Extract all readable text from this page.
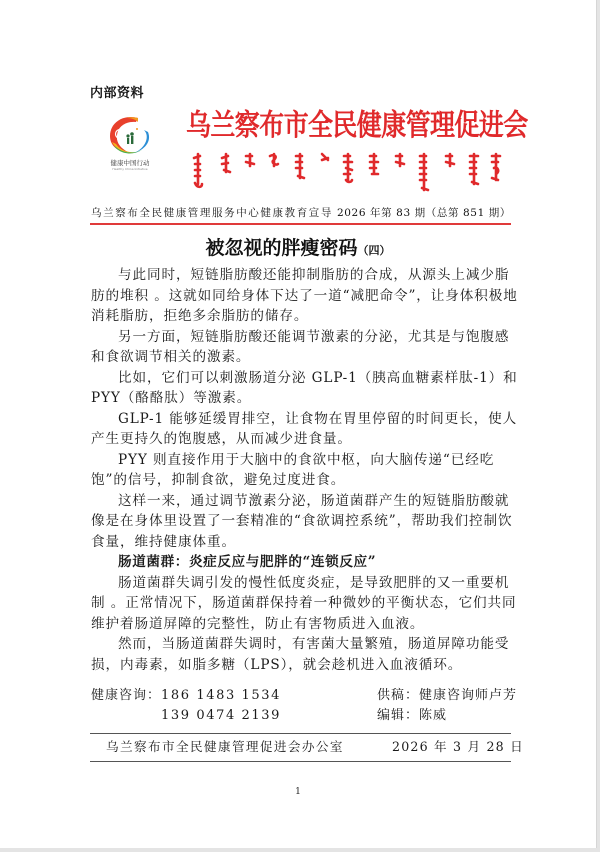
内部资料
健康中国行动
Healthy China Initiative
乌兰察布市全民健康管理促进会
乌兰察布全民健康管理服务中心健康教育宣导 2026 年第 83 期（总第 851 期）
被忽视的胖瘦密码（四）

与此同时，短链脂肪酸还能抑制脂肪的合成，从源头上减少脂肪的堆积 。这就如同给身体下达了一道“减肥命令”，让身体积极地消耗脂肪，拒绝多余脂肪的储存。

另一方面，短链脂肪酸还能调节激素的分泌，尤其是与饱腹感和食欲调节相关的激素。

比如，它们可以刺激肠道分泌 GLP-1（胰高血糖素样肽-1）和 PYY（酪酪肽）等激素。

GLP-1 能够延缓胃排空，让食物在胃里停留的时间更长，使人产生更持久的饱腹感，从而减少进食量。

PYY 则直接作用于大脑中的食欲中枢，向大脑传递“已经吃饱”的信号，抑制食欲，避免过度进食。

这样一来，通过调节激素分泌，肠道菌群产生的短链脂肪酸就像是在身体里设置了一套精准的“食欲调控系统”，帮助我们控制饮食量，维持健康体重。

肠道菌群：炎症反应与肥胖的“连锁反应”

肠道菌群失调引发的慢性低度炎症，是导致肥胖的又一重要机制 。正常情况下，肠道菌群保持着一种微妙的平衡状态，它们共同维护着肠道屏障的完整性，防止有害物质进入血液。

然而，当肠道菌群失调时，有害菌大量繁殖，肠道屏障功能受损，内毒素，如脂多糖（LPS），就会趁机进入血液循环。

健康咨询： 186 1483 1534
139 0474 2139
供稿：健康咨询师卢芳
编辑：陈威
乌兰察布市全民健康管理促进会办公室	2026 年 3 月 28 日
1
